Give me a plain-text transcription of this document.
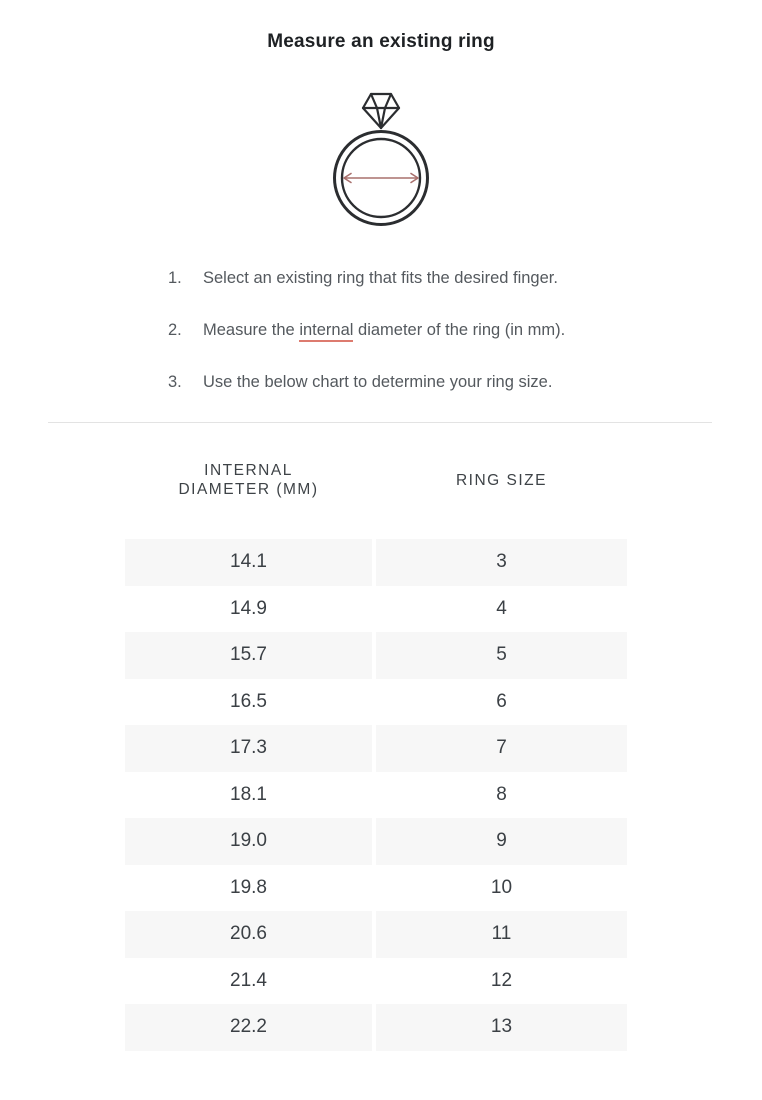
Measure an existing ring
1.	Select an existing ring that fits the desired finger.
2.	Measure the internal diameter of the ring (in mm).
3.	Use the below chart to determine your ring size.
INTERNAL DIAMETER (MM)
RING SIZE
14.1	3
14.9	4
15.7	5
16.5	6
17.3	7
18.1	8
19.0	9
19.8	10
20.6	11
21.4	12
22.2	13
